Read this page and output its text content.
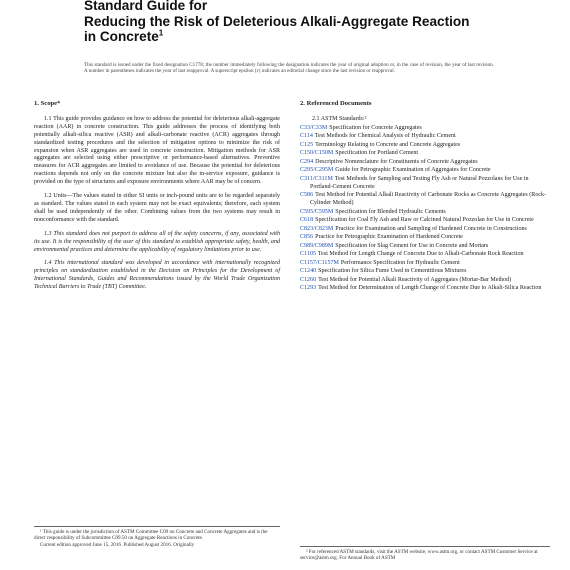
Standard Guide for
Reducing the Risk of Deleterious Alkali-Aggregate Reaction
in Concrete$^1$
This standard is issued under the fixed designation C1778; the number immediately following the designation indicates the year of original adoption or, in the case of revision, the year of last revision. A number in parentheses indicates the year of last reapproval. A superscript epsilon (ε) indicates an editorial change since the last revision or reapproval.
1. Scope*

1.1 This guide provides guidance on how to address the potential for deleterious alkali-aggregate reaction (AAR) in concrete construction. This guide addresses the process of identifying both potentially alkali-silica reactive (ASR) and alkali-carbonate reactive (ACR) aggregates through standardized testing procedures and the selection of mitigation options to minimize the risk of expansion when ASR aggregates are used in concrete construction. Mitigation methods for ASR aggregates are selected using either prescriptive or performance-based alternatives. Preventive measures for ACR aggregates are limited to avoidance of use. Because the potential for deleterious reactions depends not only on the concrete mixture but also the in-service exposure, guidance is provided on the type of structures and exposure environments where AAR may be of concern.

1.2 Units—The values stated in either SI units or inch-pound units are to be regarded separately as standard. The values stated in each system may not be exact equivalents; therefore, each system shall be used independently of the other. Combining values from the two systems may result in nonconformance with the standard.

1.3 This standard does not purport to address all of the safety concerns, if any, associated with its use. It is the responsibility of the user of this standard to establish appropriate safety, health, and environmental practices and determine the applicability of regulatory limitations prior to use.

1.4 This international standard was developed in accordance with internationally recognized principles on standardization established in the Decision on Principles for the Development of International Standards, Guides and Recommendations issued by the World Trade Organization Technical Barriers to Trade (TBT) Committee.

2. Referenced Documents
2.1 ASTM Standards:²
C33/C33M Specification for Concrete Aggregates
C114 Test Methods for Chemical Analysis of Hydraulic Cement
C125 Terminology Relating to Concrete and Concrete Aggregates
C150/C150M Specification for Portland Cement
C294 Descriptive Nomenclature for Constituents of Concrete Aggregates
C295/C295M Guide for Petrographic Examination of Aggregates for Concrete
C311/C311M Test Methods for Sampling and Testing Fly Ash or Natural Pozzolans for Use in Portland-Cement Concrete
C586 Test Method for Potential Alkali Reactivity of Carbonate Rocks as Concrete Aggregates (Rock-Cylinder Method)
C595/C595M Specification for Blended Hydraulic Cements
C618 Specification for Coal Fly Ash and Raw or Calcined Natural Pozzolan for Use in Concrete
C823/C823M Practice for Examination and Sampling of Hardened Concrete in Constructions
C856 Practice for Petrographic Examination of Hardened Concrete
C989/C989M Specification for Slag Cement for Use in Concrete and Mortars
C1105 Test Method for Length Change of Concrete Due to Alkali-Carbonate Rock Reaction
C1157/C1157M Performance Specification for Hydraulic Cement
C1240 Specification for Silica Fume Used in Cementitious Mixtures
C1260 Test Method for Potential Alkali Reactivity of Aggregates (Mortar-Bar Method)
C1293 Test Method for Determination of Length Change of Concrete Due to Alkali-Silica Reaction

¹ This guide is under the jurisdiction of ASTM Committee C09 on Concrete and Concrete Aggregates and is the direct responsibility of Subcommittee C09.50 on Aggregate Reactions in Concrete.

Current edition approved June 15, 2016. Published August 2016. Originally

² For referenced ASTM standards, visit the ASTM website, www.astm.org, or contact ASTM Customer Service at service@astm.org. For Annual Book of ASTM
